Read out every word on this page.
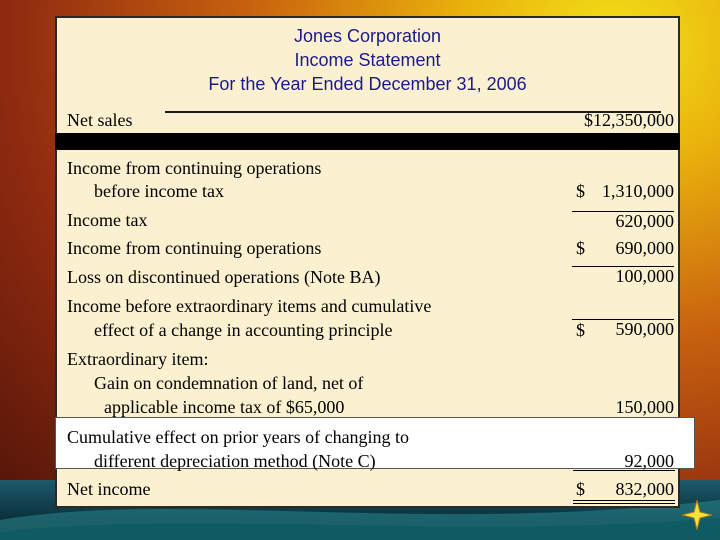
Jones Corporation
Income Statement
For the Year Ended December 31, 2006
Net sales	$12,350,000
Income from continuing operations
before income tax	$ 1,310,000
Income tax	620,000
Income from continuing operations	$ 690,000
Loss on discontinued operations (Note BA)	100,000
Income before extraordinary items and cumulative
effect of a change in accounting principle	$	590,000
Extraordinary item:
Gain on condemnation of land, net of
applicable income tax of $65,000	150,000
Cumulative effect on prior years of changing to
different depreciation method (Note C)	92,000
Net income	$ 832,000
